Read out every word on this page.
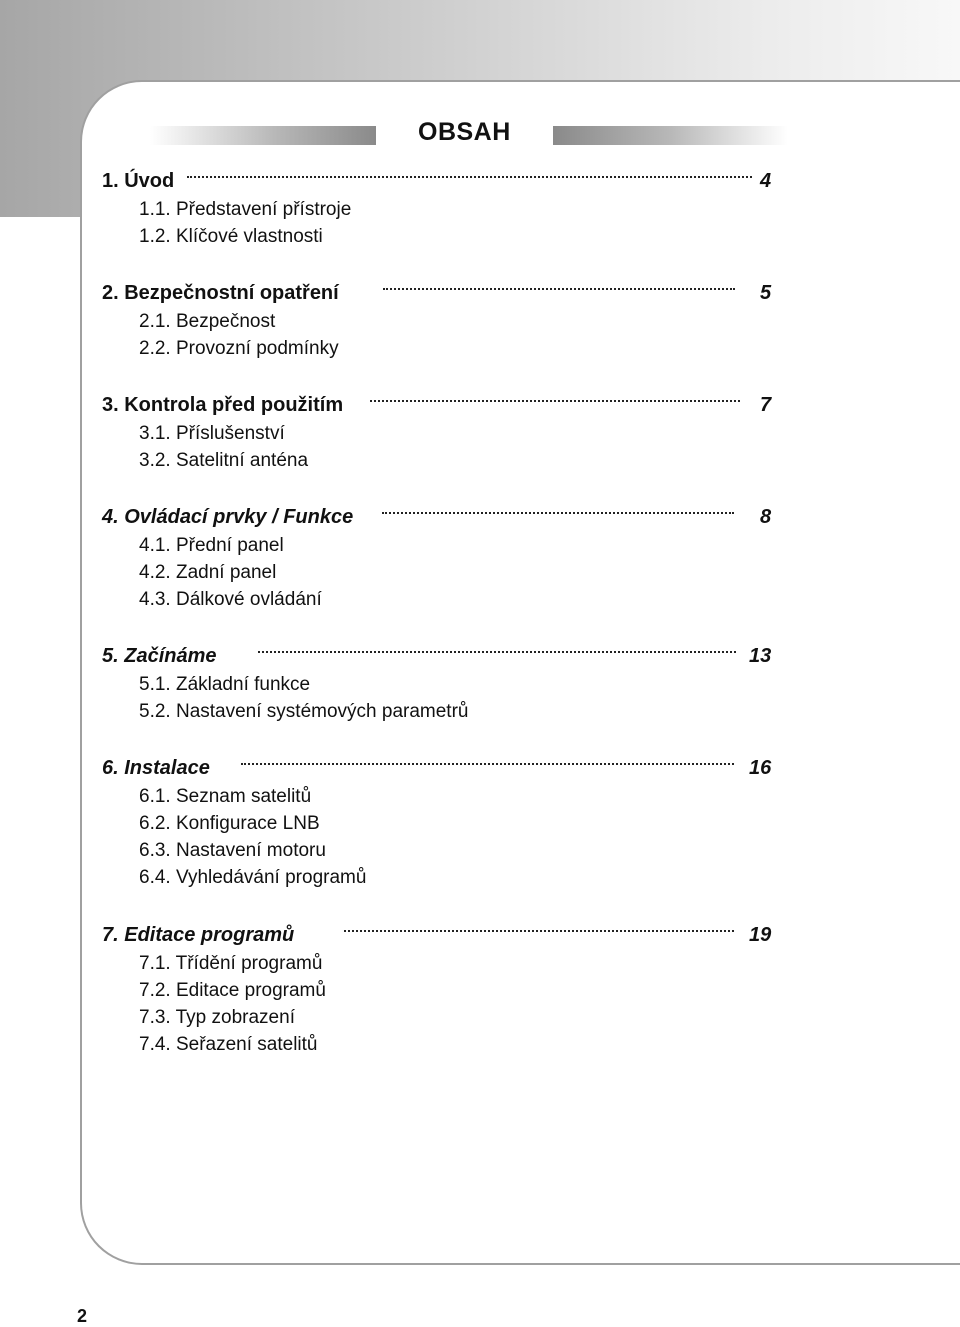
OBSAH
1. Úvod	4
1.1. Představení přístroje
1.2. Klíčové vlastnosti
2. Bezpečnostní opatření	5
2.1. Bezpečnost
2.2. Provozní podmínky
3. Kontrola před použitím	7
3.1. Příslušenství
3.2. Satelitní anténa
4. Ovládací prvky / Funkce	8
4.1. Přední panel
4.2. Zadní panel
4.3. Dálkové ovládání
5. Začínáme	13
5.1. Základní funkce
5.2. Nastavení systémových parametrů
6. Instalace	16
6.1. Seznam satelitů
6.2. Konfigurace LNB
6.3. Nastavení motoru
6.4. Vyhledávání programů
7. Editace programů	19
7.1. Třídění programů
7.2. Editace programů
7.3. Typ zobrazení
7.4. Seřazení satelitů
2
